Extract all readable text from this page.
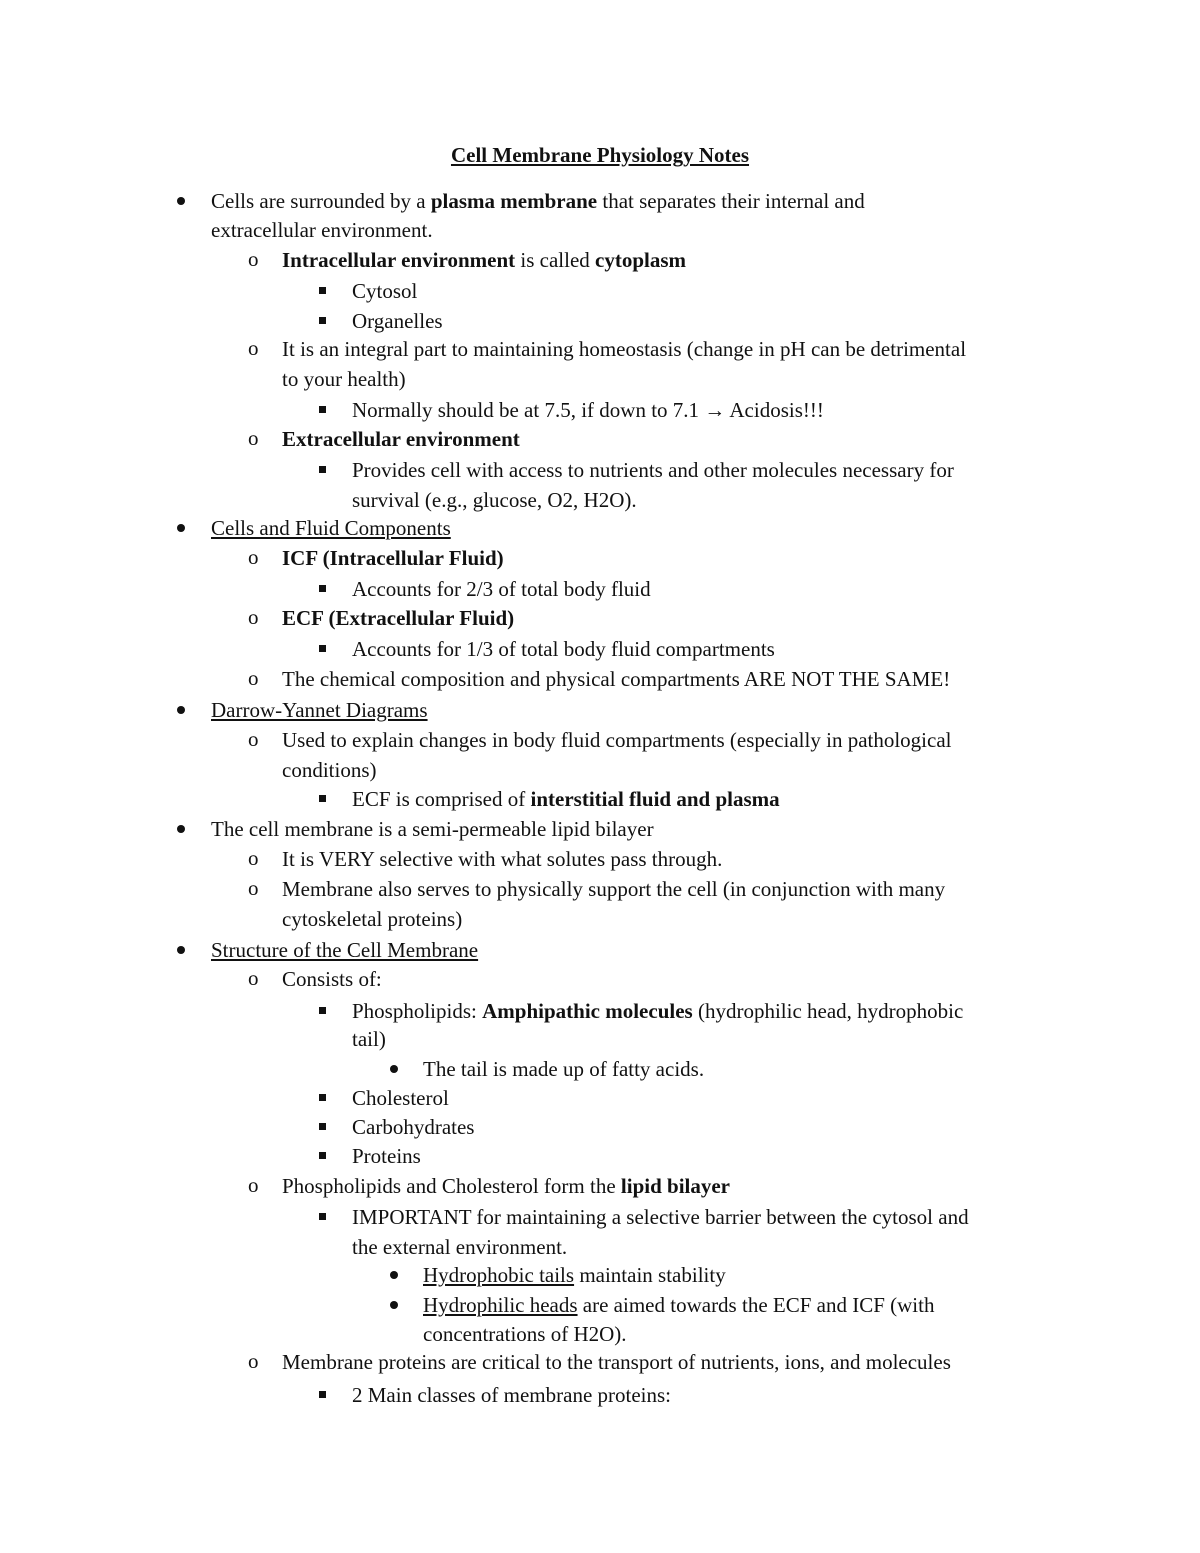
Cell Membrane Physiology Notes
Cells are surrounded by a plasma membrane that separates their internal and
extracellular environment.
o Intracellular environment is called cytoplasm
Cytosol
Organelles
o It is an integral part to maintaining homeostasis (change in pH can be detrimental
to your health)
Normally should be at 7.5, if down to 7.1 → Acidosis!!!
o Extracellular environment
Provides cell with access to nutrients and other molecules necessary for
survival (e.g., glucose, O2, H2O).
Cells and Fluid Components
o ICF (Intracellular Fluid)
Accounts for 2/3 of total body fluid
o ECF (Extracellular Fluid)
Accounts for 1/3 of total body fluid compartments
o The chemical composition and physical compartments ARE NOT THE SAME!
Darrow-Yannet Diagrams
o Used to explain changes in body fluid compartments (especially in pathological
conditions)
ECF is comprised of interstitial fluid and plasma
The cell membrane is a semi-permeable lipid bilayer
o It is VERY selective with what solutes pass through.
o Membrane also serves to physically support the cell (in conjunction with many
cytoskeletal proteins)
Structure of the Cell Membrane
o Consists of:
Phospholipids: Amphipathic molecules (hydrophilic head, hydrophobic
tail)
The tail is made up of fatty acids.
Cholesterol
Carbohydrates
Proteins
o Phospholipids and Cholesterol form the lipid bilayer
IMPORTANT for maintaining a selective barrier between the cytosol and
the external environment.
Hydrophobic tails maintain stability
Hydrophilic heads are aimed towards the ECF and ICF (with
concentrations of H2O).
o Membrane proteins are critical to the transport of nutrients, ions, and molecules
2 Main classes of membrane proteins:
